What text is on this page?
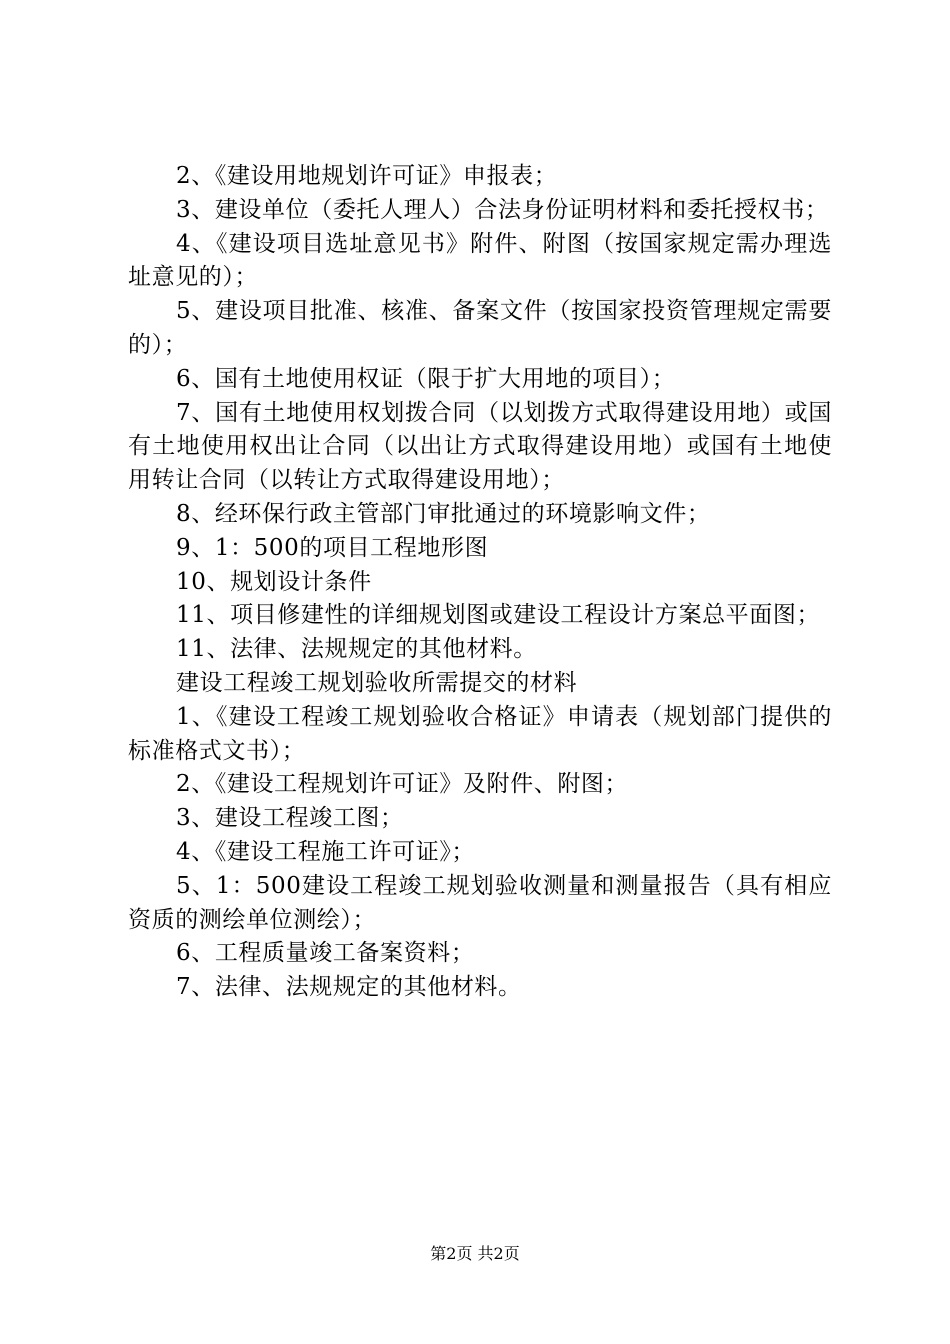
2、《建设用地规划许可证》申报表；

3、建设单位（委托人理人）合法身份证明材料和委托授权书；

4、《建设项目选址意见书》附件、附图（按国家规定需办理选址意见的）；

5、建设项目批准、核准、备案文件（按国家投资管理规定需要的）；

6、国有土地使用权证（限于扩大用地的项目）；

7、国有土地使用权划拨合同（以划拨方式取得建设用地）或国有土地使用权出让合同（以出让方式取得建设用地）或国有土地使用转让合同（以转让方式取得建设用地）；

8、经环保行政主管部门审批通过的环境影响文件；

9、1：500的项目工程地形图

10、规划设计条件

11、项目修建性的详细规划图或建设工程设计方案总平面图；

11、法律、法规规定的其他材料。

建设工程竣工规划验收所需提交的材料

1、《建设工程竣工规划验收合格证》申请表（规划部门提供的标准格式文书）；

2、《建设工程规划许可证》及附件、附图；

3、建设工程竣工图；

4、《建设工程施工许可证》；

5、1：500建设工程竣工规划验收测量和测量报告（具有相应资质的测绘单位测绘）；

6、工程质量竣工备案资料；

7、法律、法规规定的其他材料。

第2页 共2页
